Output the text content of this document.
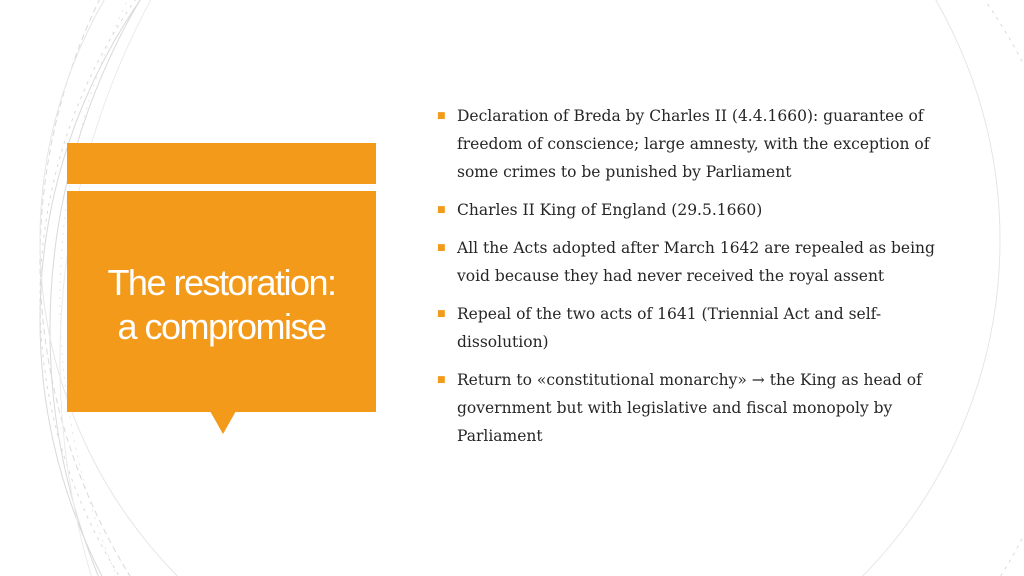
The restoration:
a compromise
■ Declaration of Breda by Charles II (4.4.1660): guarantee of freedom of conscience; large amnesty, with the exception of some crimes to be punished by Parliament
■ Charles II King of England (29.5.1660)
■ All the Acts adopted after March 1642 are repealed as being void because they had never received the royal assent
■ Repeal of the two acts of 1641 (Triennial Act and self-dissolution)
■ Return to «constitutional monarchy» → the King as head of government but with legislative and fiscal monopoly by Parliament
